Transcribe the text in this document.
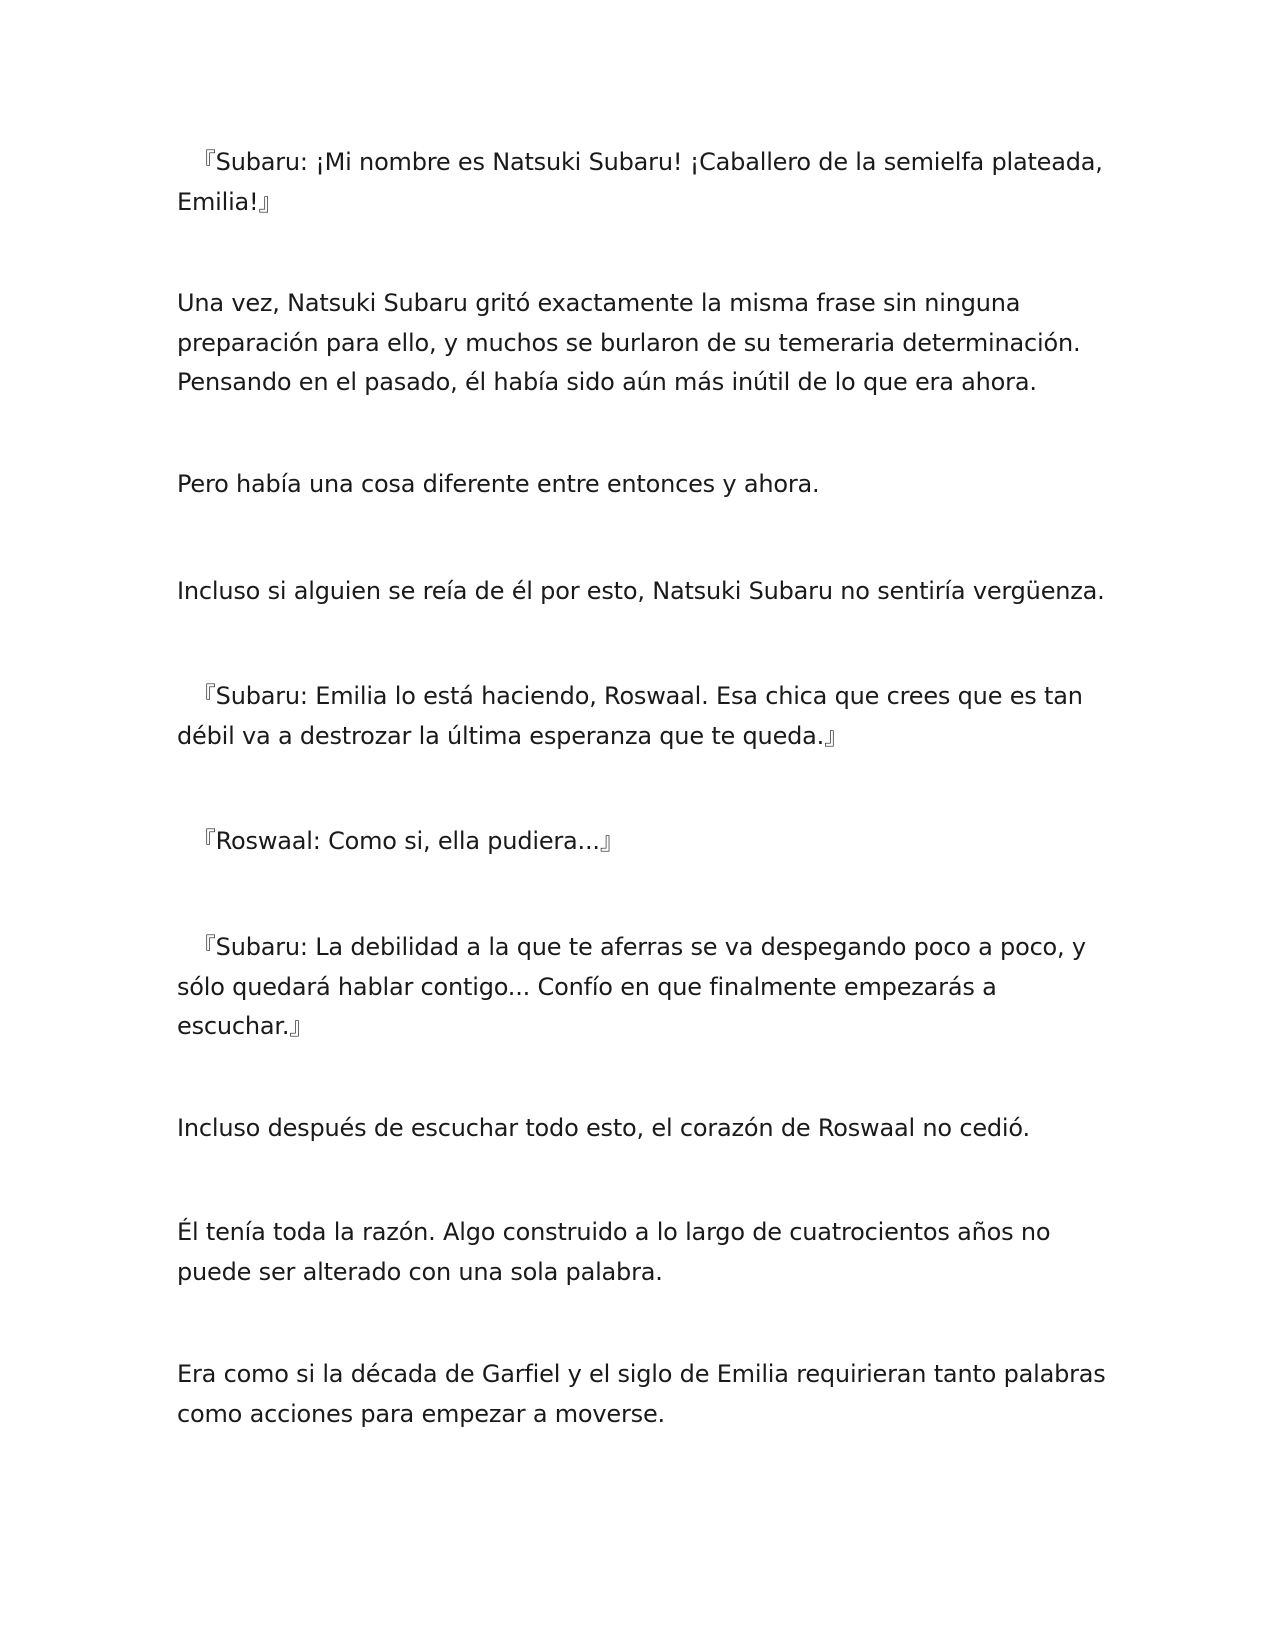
『Subaru: ¡Mi nombre es Natsuki Subaru! ¡Caballero de la semielfa plateada, Emilia!』

Una vez, Natsuki Subaru gritó exactamente la misma frase sin ninguna preparación para ello, y muchos se burlaron de su temeraria determinación. Pensando en el pasado, él había sido aún más inútil de lo que era ahora.

Pero había una cosa diferente entre entonces y ahora.

Incluso si alguien se reía de él por esto, Natsuki Subaru no sentiría vergüenza.

『Subaru: Emilia lo está haciendo, Roswaal. Esa chica que crees que es tan débil va a destrozar la última esperanza que te queda.』

『Roswaal: Como si, ella pudiera...』

『Subaru: La debilidad a la que te aferras se va despegando poco a poco, y sólo quedará hablar contigo... Confío en que finalmente empezarás a escuchar.』

Incluso después de escuchar todo esto, el corazón de Roswaal no cedió.

Él tenía toda la razón. Algo construido a lo largo de cuatrocientos años no puede ser alterado con una sola palabra.

Era como si la década de Garfiel y el siglo de Emilia requirieran tanto palabras como acciones para empezar a moverse.
